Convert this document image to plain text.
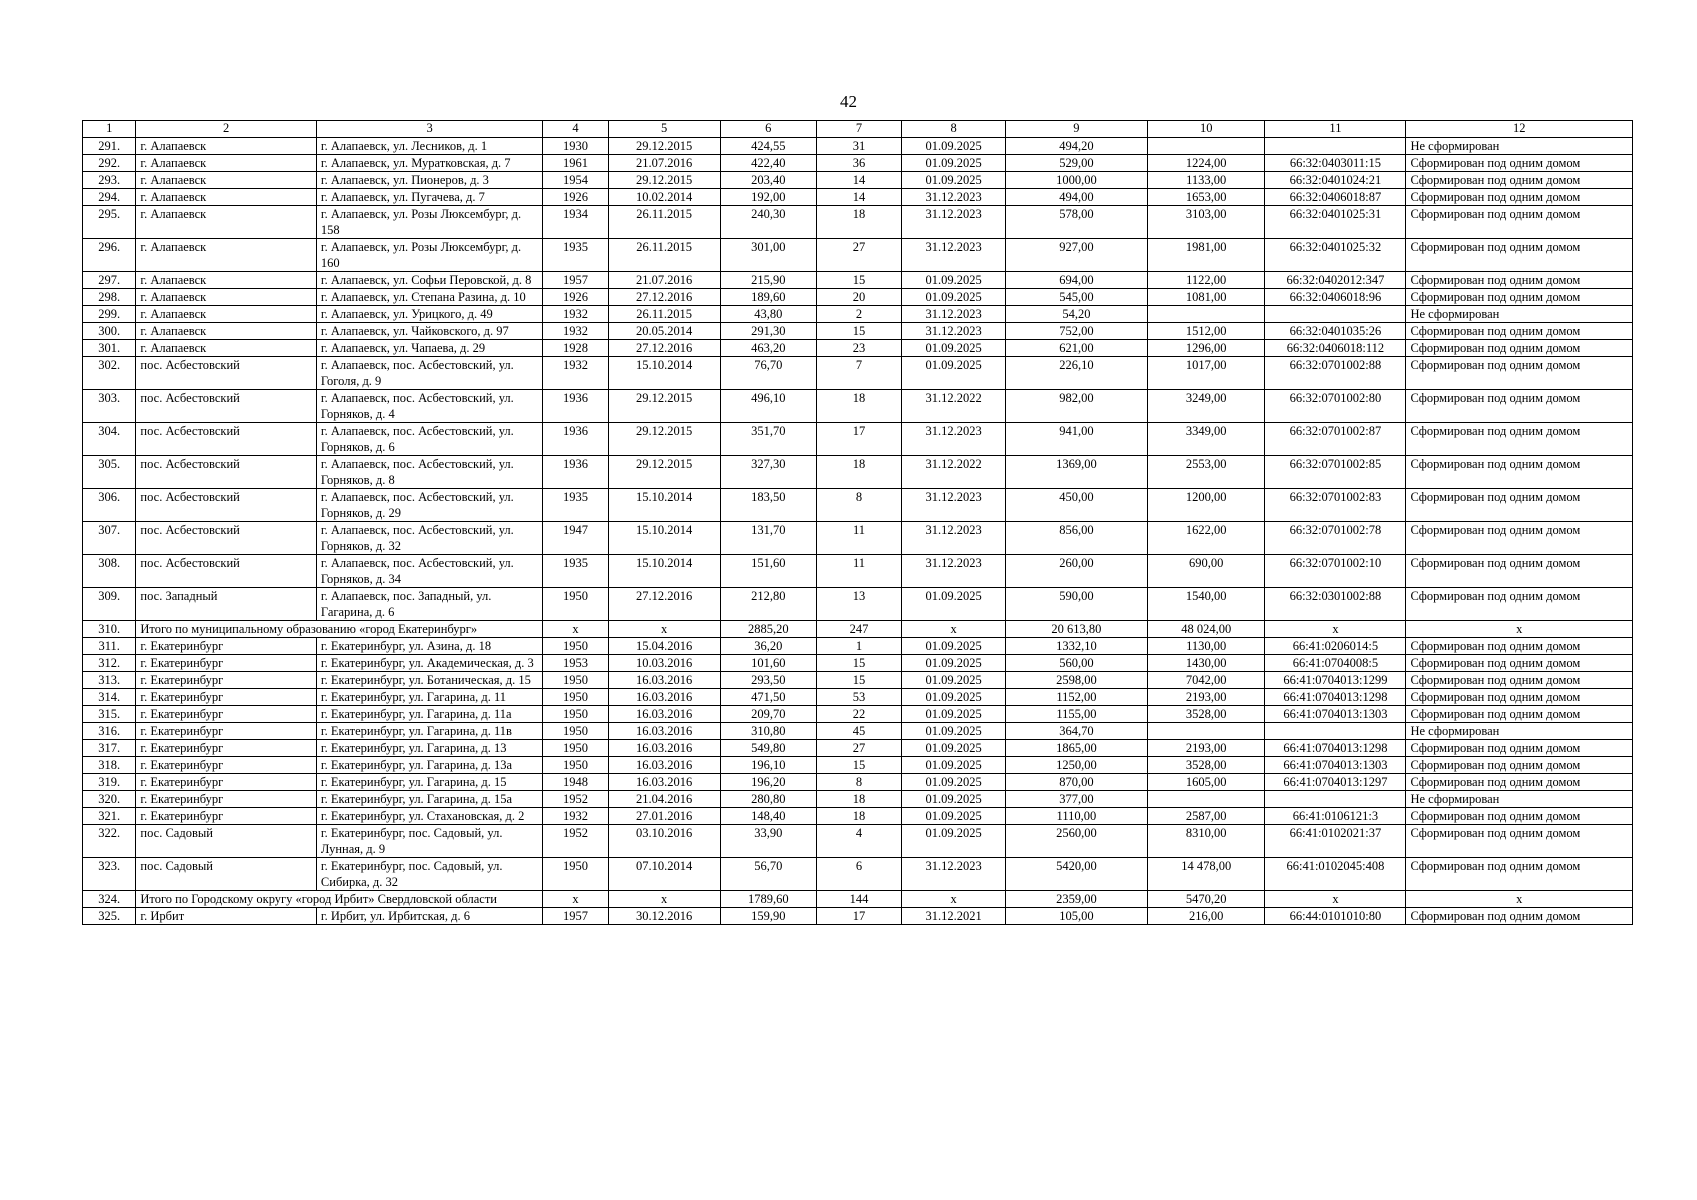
42
1	2	3	4	5	6	7	8	9	10	11	12
291.	г. Алапаевск	г. Алапаевск, ул. Лесников, д. 1	1930	29.12.2015	424,55	31	01.09.2025	494,20			Не сформирован
292.	г. Алапаевск	г. Алапаевск, ул. Муратковская, д. 7	1961	21.07.2016	422,40	36	01.09.2025	529,00	1224,00	66:32:0403011:15	Сформирован под одним домом
293.	г. Алапаевск	г. Алапаевск, ул. Пионеров, д. 3	1954	29.12.2015	203,40	14	01.09.2025	1000,00	1133,00	66:32:0401024:21	Сформирован под одним домом
294.	г. Алапаевск	г. Алапаевск, ул. Пугачева, д. 7	1926	10.02.2014	192,00	14	31.12.2023	494,00	1653,00	66:32:0406018:87	Сформирован под одним домом
295.	г. Алапаевск	г. Алапаевск, ул. Розы Люксембург, д. 158	1934	26.11.2015	240,30	18	31.12.2023	578,00	3103,00	66:32:0401025:31	Сформирован под одним домом
296.	г. Алапаевск	г. Алапаевск, ул. Розы Люксембург, д. 160	1935	26.11.2015	301,00	27	31.12.2023	927,00	1981,00	66:32:0401025:32	Сформирован под одним домом
297.	г. Алапаевск	г. Алапаевск, ул. Софьи Перовской, д. 8	1957	21.07.2016	215,90	15	01.09.2025	694,00	1122,00	66:32:0402012:347	Сформирован под одним домом
298.	г. Алапаевск	г. Алапаевск, ул. Степана Разина, д. 10	1926	27.12.2016	189,60	20	01.09.2025	545,00	1081,00	66:32:0406018:96	Сформирован под одним домом
299.	г. Алапаевск	г. Алапаевск, ул. Урицкого, д. 49	1932	26.11.2015	43,80	2	31.12.2023	54,20			Не сформирован
300.	г. Алапаевск	г. Алапаевск, ул. Чайковского, д. 97	1932	20.05.2014	291,30	15	31.12.2023	752,00	1512,00	66:32:0401035:26	Сформирован под одним домом
301.	г. Алапаевск	г. Алапаевск, ул. Чапаева, д. 29	1928	27.12.2016	463,20	23	01.09.2025	621,00	1296,00	66:32:0406018:112	Сформирован под одним домом
302.	пос. Асбестовский	г. Алапаевск, пос. Асбестовский, ул. Гоголя, д. 9	1932	15.10.2014	76,70	7	01.09.2025	226,10	1017,00	66:32:0701002:88	Сформирован под одним домом
303.	пос. Асбестовский	г. Алапаевск, пос. Асбестовский, ул. Горняков, д. 4	1936	29.12.2015	496,10	18	31.12.2022	982,00	3249,00	66:32:0701002:80	Сформирован под одним домом
304.	пос. Асбестовский	г. Алапаевск, пос. Асбестовский, ул. Горняков, д. 6	1936	29.12.2015	351,70	17	31.12.2023	941,00	3349,00	66:32:0701002:87	Сформирован под одним домом
305.	пос. Асбестовский	г. Алапаевск, пос. Асбестовский, ул. Горняков, д. 8	1936	29.12.2015	327,30	18	31.12.2022	1369,00	2553,00	66:32:0701002:85	Сформирован под одним домом
306.	пос. Асбестовский	г. Алапаевск, пос. Асбестовский, ул. Горняков, д. 29	1935	15.10.2014	183,50	8	31.12.2023	450,00	1200,00	66:32:0701002:83	Сформирован под одним домом
307.	пос. Асбестовский	г. Алапаевск, пос. Асбестовский, ул. Горняков, д. 32	1947	15.10.2014	131,70	11	31.12.2023	856,00	1622,00	66:32:0701002:78	Сформирован под одним домом
308.	пос. Асбестовский	г. Алапаевск, пос. Асбестовский, ул. Горняков, д. 34	1935	15.10.2014	151,60	11	31.12.2023	260,00	690,00	66:32:0701002:10	Сформирован под одним домом
309.	пос. Западный	г. Алапаевск, пос. Западный, ул. Гагарина, д. 6	1950	27.12.2016	212,80	13	01.09.2025	590,00	1540,00	66:32:0301002:88	Сформирован под одним домом
310.	Итого по муниципальному образованию «город Екатеринбург»		x	x	2885,20	247	x	20 613,80	48 024,00	x	x
311.	г. Екатеринбург	г. Екатеринбург, ул. Азина, д. 18	1950	15.04.2016	36,20	1	01.09.2025	1332,10	1130,00	66:41:0206014:5	Сформирован под одним домом
312.	г. Екатеринбург	г. Екатеринбург, ул. Академическая, д. 3	1953	10.03.2016	101,60	15	01.09.2025	560,00	1430,00	66:41:0704008:5	Сформирован под одним домом
313.	г. Екатеринбург	г. Екатеринбург, ул. Ботаническая, д. 15	1950	16.03.2016	293,50	15	01.09.2025	2598,00	7042,00	66:41:0704013:1299	Сформирован под одним домом
314.	г. Екатеринбург	г. Екатеринбург, ул. Гагарина, д. 11	1950	16.03.2016	471,50	53	01.09.2025	1152,00	2193,00	66:41:0704013:1298	Сформирован под одним домом
315.	г. Екатеринбург	г. Екатеринбург, ул. Гагарина, д. 11а	1950	16.03.2016	209,70	22	01.09.2025	1155,00	3528,00	66:41:0704013:1303	Сформирован под одним домом
316.	г. Екатеринбург	г. Екатеринбург, ул. Гагарина, д. 11в	1950	16.03.2016	310,80	45	01.09.2025	364,70			Не сформирован
317.	г. Екатеринбург	г. Екатеринбург, ул. Гагарина, д. 13	1950	16.03.2016	549,80	27	01.09.2025	1865,00	2193,00	66:41:0704013:1298	Сформирован под одним домом
318.	г. Екатеринбург	г. Екатеринбург, ул. Гагарина, д. 13а	1950	16.03.2016	196,10	15	01.09.2025	1250,00	3528,00	66:41:0704013:1303	Сформирован под одним домом
319.	г. Екатеринбург	г. Екатеринбург, ул. Гагарина, д. 15	1948	16.03.2016	196,20	8	01.09.2025	870,00	1605,00	66:41:0704013:1297	Сформирован под одним домом
320.	г. Екатеринбург	г. Екатеринбург, ул. Гагарина, д. 15а	1952	21.04.2016	280,80	18	01.09.2025	377,00			Не сформирован
321.	г. Екатеринбург	г. Екатеринбург, ул. Стахановская, д. 2	1932	27.01.2016	148,40	18	01.09.2025	1110,00	2587,00	66:41:0106121:3	Сформирован под одним домом
322.	пос. Садовый	г. Екатеринбург, пос. Садовый, ул. Лунная, д. 9	1952	03.10.2016	33,90	4	01.09.2025	2560,00	8310,00	66:41:0102021:37	Сформирован под одним домом
323.	пос. Садовый	г. Екатеринбург, пос. Садовый, ул. Сибирка, д. 32	1950	07.10.2014	56,70	6	31.12.2023	5420,00	14 478,00	66:41:0102045:408	Сформирован под одним домом
324.	Итого по Городскому округу «город Ирбит» Свердловской области		x	x	1789,60	144	x	2359,00	5470,20	x	x
325.	г. Ирбит	г. Ирбит, ул. Ирбитская, д. 6	1957	30.12.2016	159,90	17	31.12.2021	105,00	216,00	66:44:0101010:80	Сформирован под одним домом
